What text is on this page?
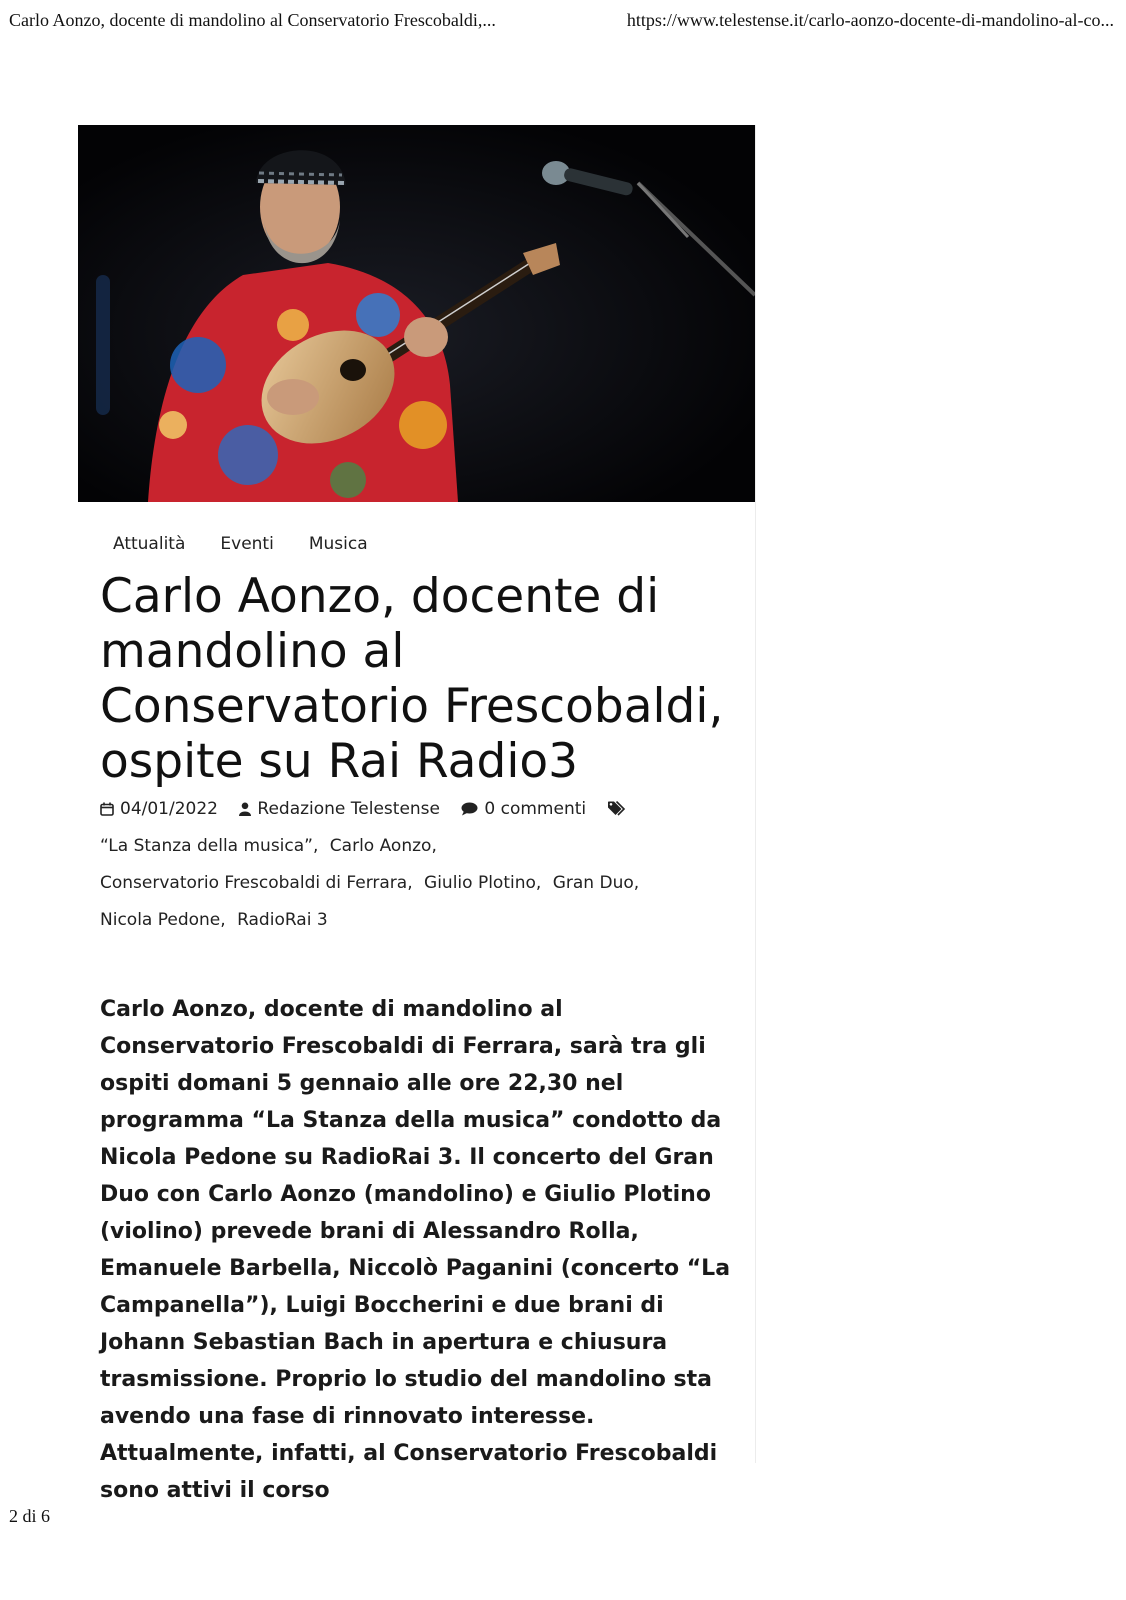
Carlo Aonzo, docente di mandolino al Conservatorio Frescobaldi,...	https://www.telestense.it/carlo-aonzo-docente-di-mandolino-al-co...
Attualità Eventi Musica
Carlo Aonzo, docente di mandolino al Conservatorio Frescobaldi, ospite su Rai Radio3
04/01/2022 Redazione Telestense	0 commenti “La Stanza della musica”, Carlo Aonzo, Conservatorio Frescobaldi di Ferrara, Giulio Plotino, Gran Duo, Nicola Pedone, RadioRai 3

Carlo Aonzo, docente di mandolino al Conservatorio Frescobaldi di Ferrara, sarà tra gli ospiti domani 5 gennaio alle ore 22,30 nel programma “La Stanza della musica” condotto da Nicola Pedone su RadioRai 3. Il concerto del Gran Duo con Carlo Aonzo (mandolino) e Giulio Plotino (violino) prevede brani di Alessandro Rolla, Emanuele Barbella, Niccolò Paganini (concerto “La Campanella”), Luigi Boccherini e due brani di Johann Sebastian Bach in apertura e chiusura trasmissione. Proprio lo studio del mandolino sta avendo una fase di rinnovato interesse. Attualmente, infatti, al Conservatorio Frescobaldi sono attivi il corso

2 di 6
